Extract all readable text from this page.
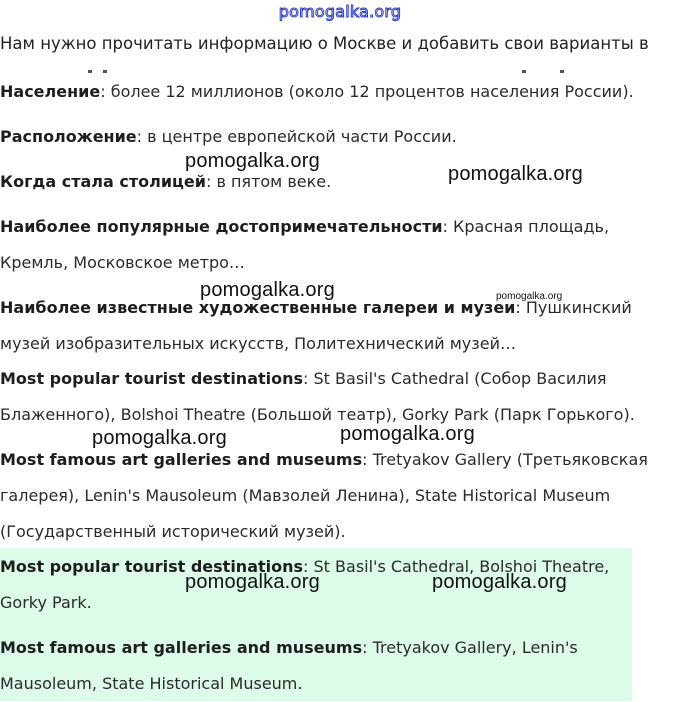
pomogalka.org
Нам нужно прочитать информацию о Москве и добавить свои варианты в
Население: более 12 миллионов (около 12 процентов населения России).
Расположение: в центре европейской части России.
Когда стала столицей: в пятом веке.
Наиболее популярные достопримечательности: Красная площадь, Кремль, Московское метро…
Наиболее известные художественные галереи и музеи: Пушкинский музей изобразительных искусств, Политехнический музей…
Most popular tourist destinations: St Basil's Cathedral (Собор Василия Блаженного), Bolshoi Theatre (Большой театр), Gorky Park (Парк Горького).
Most famous art galleries and museums: Tretyakov Gallery (Третьяковская галерея), Lenin's Mausoleum (Мавзолей Ленина), State Historical Museum (Государственный исторический музей).
Most popular tourist destinations: St Basil's Cathedral, Bolshoi Theatre, Gorky Park.
Most famous art galleries and museums: Tretyakov Gallery, Lenin's Mausoleum, State Historical Museum.
pomogalka.org
pomogalka.org
pomogalka.org	pomogalka.org
pomogalka.org	pomogalka.org
pomogalka.org	pomogalka.org
